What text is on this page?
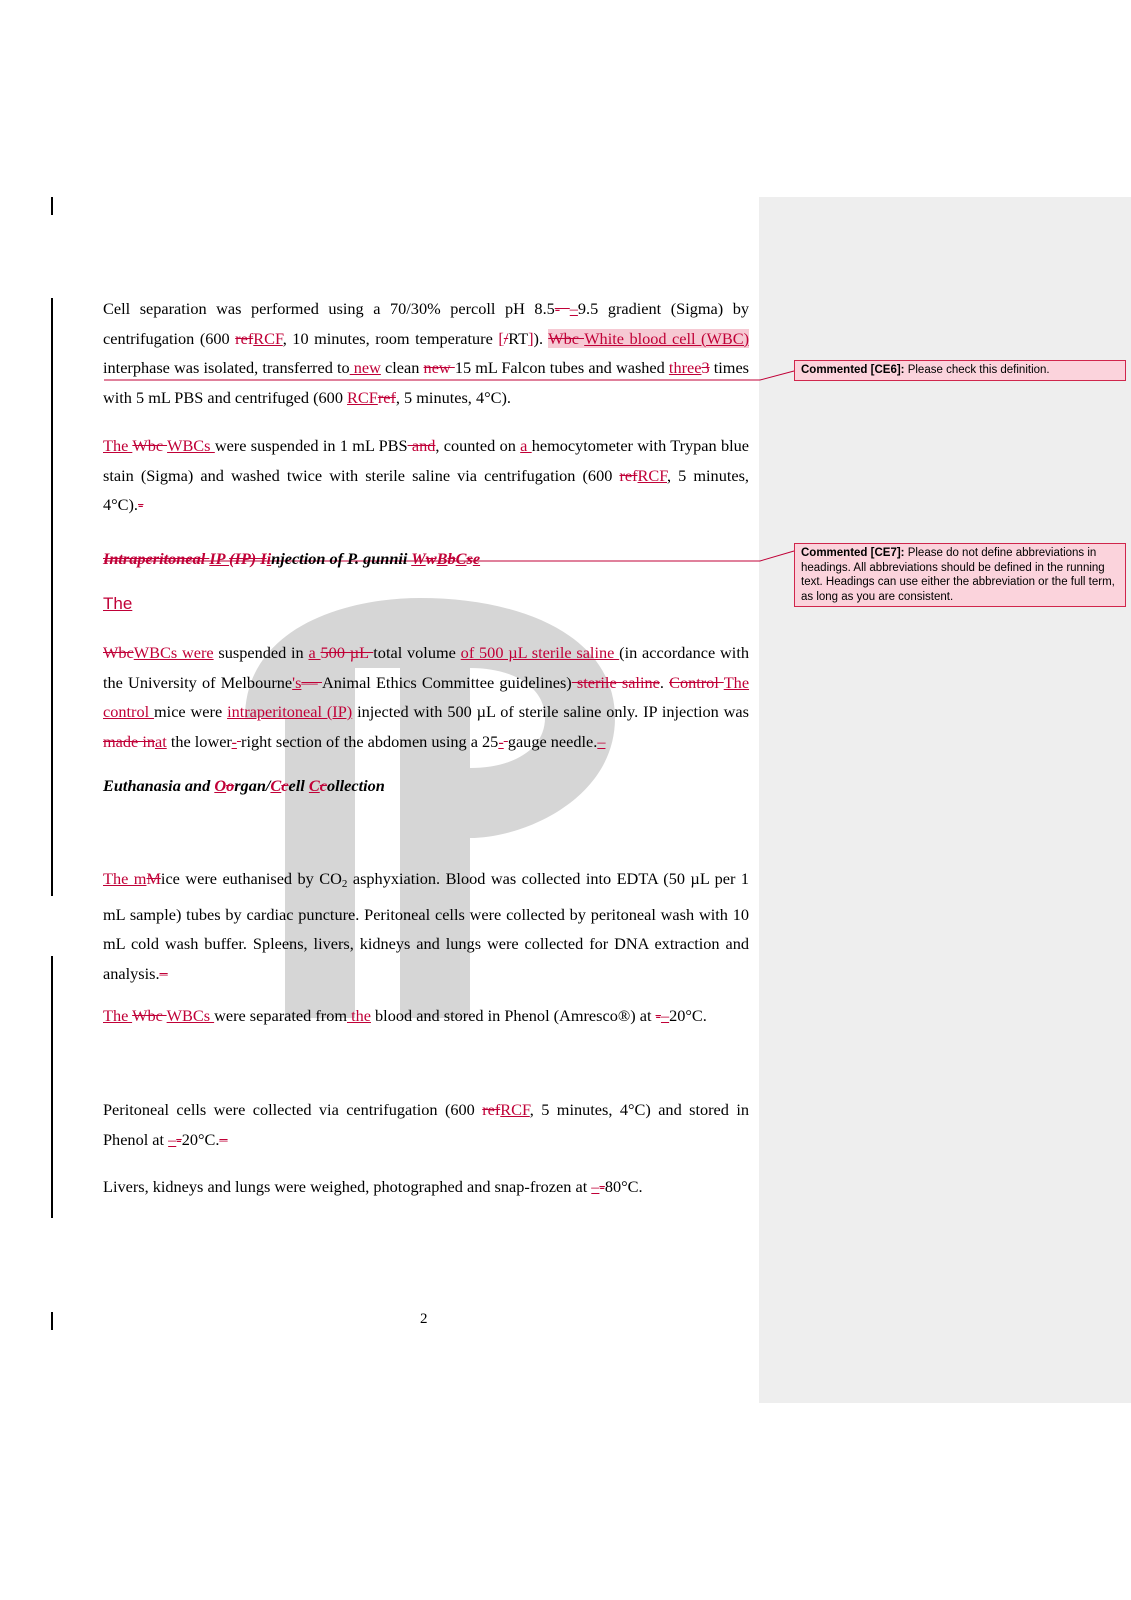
Cell separation was performed using a 70/30% percoll pH 8.5- –9.5 gradient (Sigma) by centrifugation (600 refRCF, 10 minutes, room temperature [/RT]). Wbc White blood cell (WBC) interphase was isolated, transferred to new clean new 15 mL Falcon tubes and washed three3 times with 5 mL PBS and centrifuged (600 RCFref, 5 minutes, 4°C).

The Wbc WBCs were suspended in 1 mL PBS and, counted on a hemocytometer with Trypan blue stain (Sigma) and washed twice with sterile saline via centrifugation (600 refRCF, 5 minutes, 4°C).-

Intraperitoneal IP (IP) Iinjection of P. gunnii WwBbCse

The

WbcWBCs were suspended in a 500 µL total volume of 500 µL sterile saline (in accordance with the University of Melbourne's— Animal Ethics Committee guidelines) sterile saline. Control The control mice were intraperitoneal (IP) injected with 500 µL of sterile saline only. IP injection was made inat the lower- right section of the abdomen using a 25- gauge needle.–

Euthanasia and Oorgan/Ccell Ccollection

The mMice were euthanised by $CO_2$ asphyxiation. Blood was collected into EDTA (50 µL per 1 mL sample) tubes by cardiac puncture. Peritoneal cells were collected by peritoneal wash with 10 mL cold wash buffer. Spleens, livers, kidneys and lungs were collected for DNA extraction and analysis.–

The Wbc WBCs were separated from the blood and stored in Phenol (Amresco®) at -–20°C.

Peritoneal cells were collected via centrifugation (600 refRCF, 5 minutes, 4°C) and stored in Phenol at –-20°C.–

Livers, kidneys and lungs were weighed, photographed and snap-frozen at –-80°C.

2
Commented [CE6]: Please check this definition.
Commented [CE7]: Please do not define abbreviations in headings. All abbreviations should be defined in the running text. Headings can use either the abbreviation or the full term, as long as you are consistent.
